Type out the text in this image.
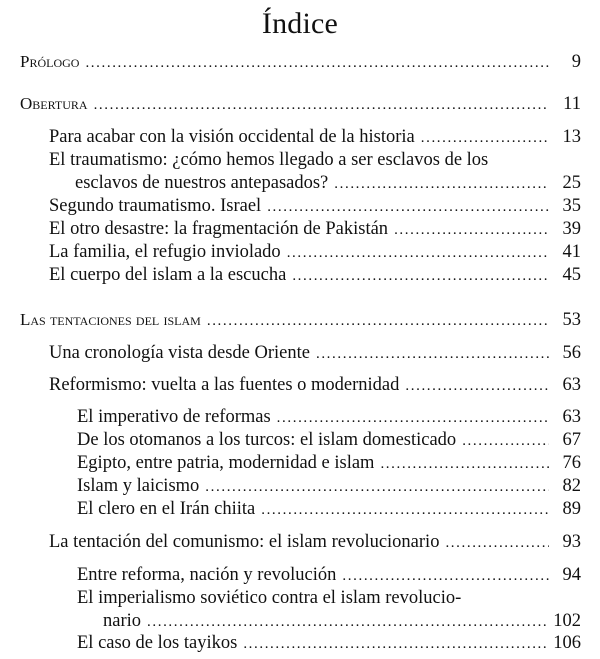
Índice
Prólogo .....	9
Obertura .....	11
Para acabar con la visión occidental de la historia .....	13
El traumatismo: ¿cómo hemos llegado a ser esclavos de los
esclavos de nuestros antepasados? .....	25
Segundo traumatismo. Israel .....	35
El otro desastre: la fragmentación de Pakistán .....	39
La familia, el refugio inviolado .....	41
El cuerpo del islam a la escucha .....	45
Las tentaciones del islam .....	53
Una cronología vista desde Oriente .....	56
Reformismo: vuelta a las fuentes o modernidad .....	63
El imperativo de reformas .....	63
De los otomanos a los turcos: el islam domesticado .....	67
Egipto, entre patria, modernidad e islam .....	76
Islam y laicismo .....	82
El clero en el Irán chiita .....	89
La tentación del comunismo: el islam revolucionario .....	93
Entre reforma, nación y revolución .....	94
El imperialismo soviético contra el islam revolucio-
nario .....	102
El caso de los tayikos .....	106
